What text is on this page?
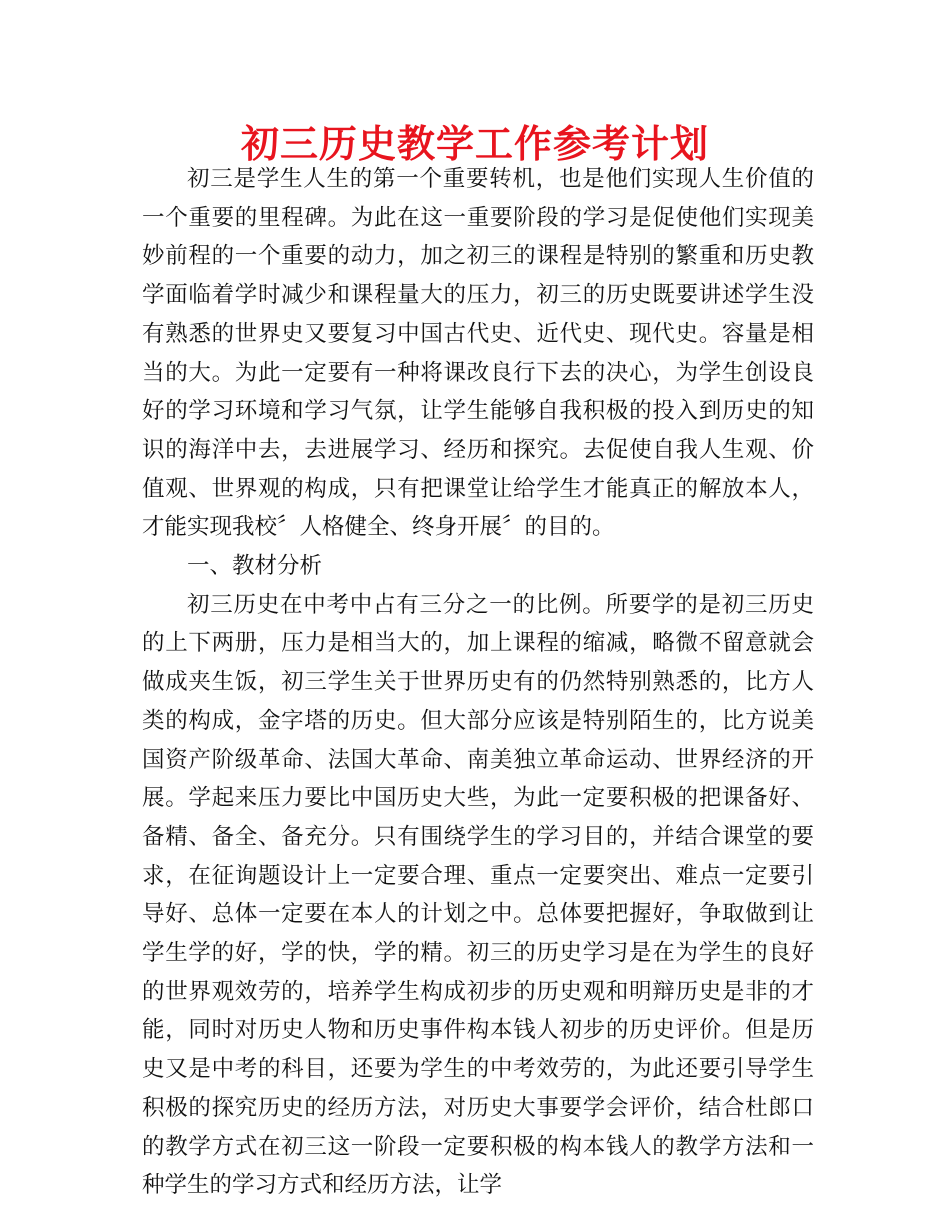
初三历史教学工作参考计划

初三是学生人生的第一个重要转机，也是他们实现人生价值的一个重要的里程碑。为此在这一重要阶段的学习是促使他们实现美妙前程的一个重要的动力，加之初三的课程是特别的繁重和历史教学面临着学时减少和课程量大的压力，初三的历史既要讲述学生没有熟悉的世界史又要复习中国古代史、近代史、现代史。容量是相当的大。为此一定要有一种将课改良行下去的决心，为学生创设良好的学习环境和学习气氛，让学生能够自我积极的投入到历史的知识的海洋中去，去进展学习、经历和探究。去促使自我人生观、价值观、世界观的构成，只有把课堂让给学生才能真正的解放本人，才能实现我校〞人格健全、终身开展〞的目的。

一、教材分析

初三历史在中考中占有三分之一的比例。所要学的是初三历史的上下两册，压力是相当大的，加上课程的缩减，略微不留意就会做成夹生饭，初三学生关于世界历史有的仍然特别熟悉的，比方人类的构成，金字塔的历史。但大部分应该是特别陌生的，比方说美国资产阶级革命、法国大革命、南美独立革命运动、世界经济的开展。学起来压力要比中国历史大些，为此一定要积极的把课备好、备精、备全、备充分。只有围绕学生的学习目的，并结合课堂的要求，在征询题设计上一定要合理、重点一定要突出、难点一定要引导好、总体一定要在本人的计划之中。总体要把握好，争取做到让学生学的好，学的快，学的精。初三的历史学习是在为学生的良好的世界观效劳的，培养学生构成初步的历史观和明辩历史是非的才能，同时对历史人物和历史事件构本钱人初步的历史评价。但是历史又是中考的科目，还要为学生的中考效劳的，为此还要引导学生积极的探究历史的经历方法，对历史大事要学会评价，结合杜郎口的教学方式在初三这一阶段一定要积极的构本钱人的教学方法和一种学生的学习方式和经历方法，让学
